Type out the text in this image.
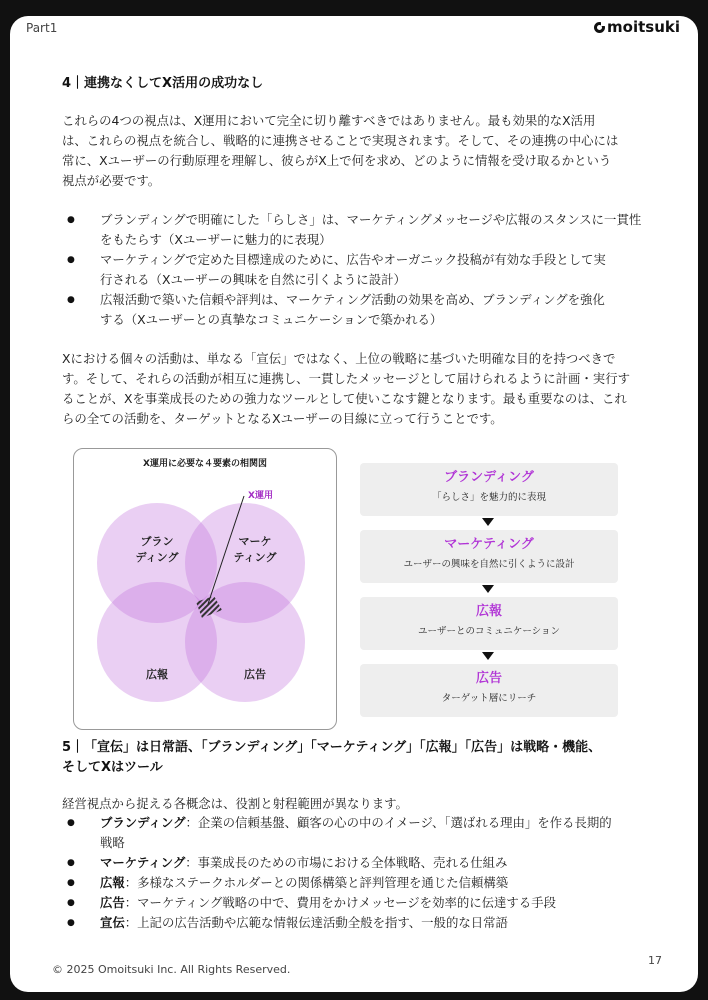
Part1	moitsuki
4｜連携なくしてX活用の成功なし

これらの4つの視点は、X運用において完全に切り離すべきではありません。最も効果的なX活用

は、これらの視点を統合し、戦略的に連携させることで実現されます。そして、その連携の中心には

常に、Xユーザーの行動原理を理解し、彼らがX上で何を求め、どのように情報を受け取るかという

視点が必要です。

● ブランディングで明確にした「らしさ」は、マーケティングメッセージや広報のスタンスに一貫性
をもたらす（Xユーザーに魅力的に表現）
● マーケティングで定めた目標達成のために、広告やオーガニック投稿が有効な手段として実
行される（Xユーザーの興味を自然に引くように設計）
● 広報活動で築いた信頼や評判は、マーケティング活動の効果を高め、ブランディングを強化
する（Xユーザーとの真摯なコミュニケーションで築かれる）

Xにおける個々の活動は、単なる「宣伝」ではなく、上位の戦略に基づいた明確な目的を持つべきで

す。そして、それらの活動が相互に連携し、一貫したメッセージとして届けられるように計画・実行す

ることが、Xを事業成長のための強力なツールとして使いこなす鍵となります。最も重要なのは、これ

らの全ての活動を、ターゲットとなるXユーザーの目線に立って行うことです。

X運用に必要な４要素の相関図
ブラン
ディング
マーケ
ティング
広報	広告
X運用
ブランディング
「らしさ」を魅力的に表現
マーケティング
ユーザーの興味を自然に引くように設計
広報
ユーザーとのコミュニケーション
広告
ターゲット層にリーチ
5｜「宣伝」は日常語、「ブランディング」「マーケティング」「広報」「広告」は戦略・機能、
そしてXはツール

経営視点から捉える各概念は、役割と射程範囲が異なります。

● ブランディング：企業の信頼基盤、顧客の心の中のイメージ、「選ばれる理由」を作る長期的
戦略
● マーケティング：事業成長のための市場における全体戦略、売れる仕組み
● 広報：多様なステークホルダーとの関係構築と評判管理を通じた信頼構築
● 広告：マーケティング戦略の中で、費用をかけメッセージを効率的に伝達する手段
● 宣伝：上記の広告活動や広範な情報伝達活動全般を指す、一般的な日常語
© 2025 Omoitsuki Inc. All Rights Reserved.
17
